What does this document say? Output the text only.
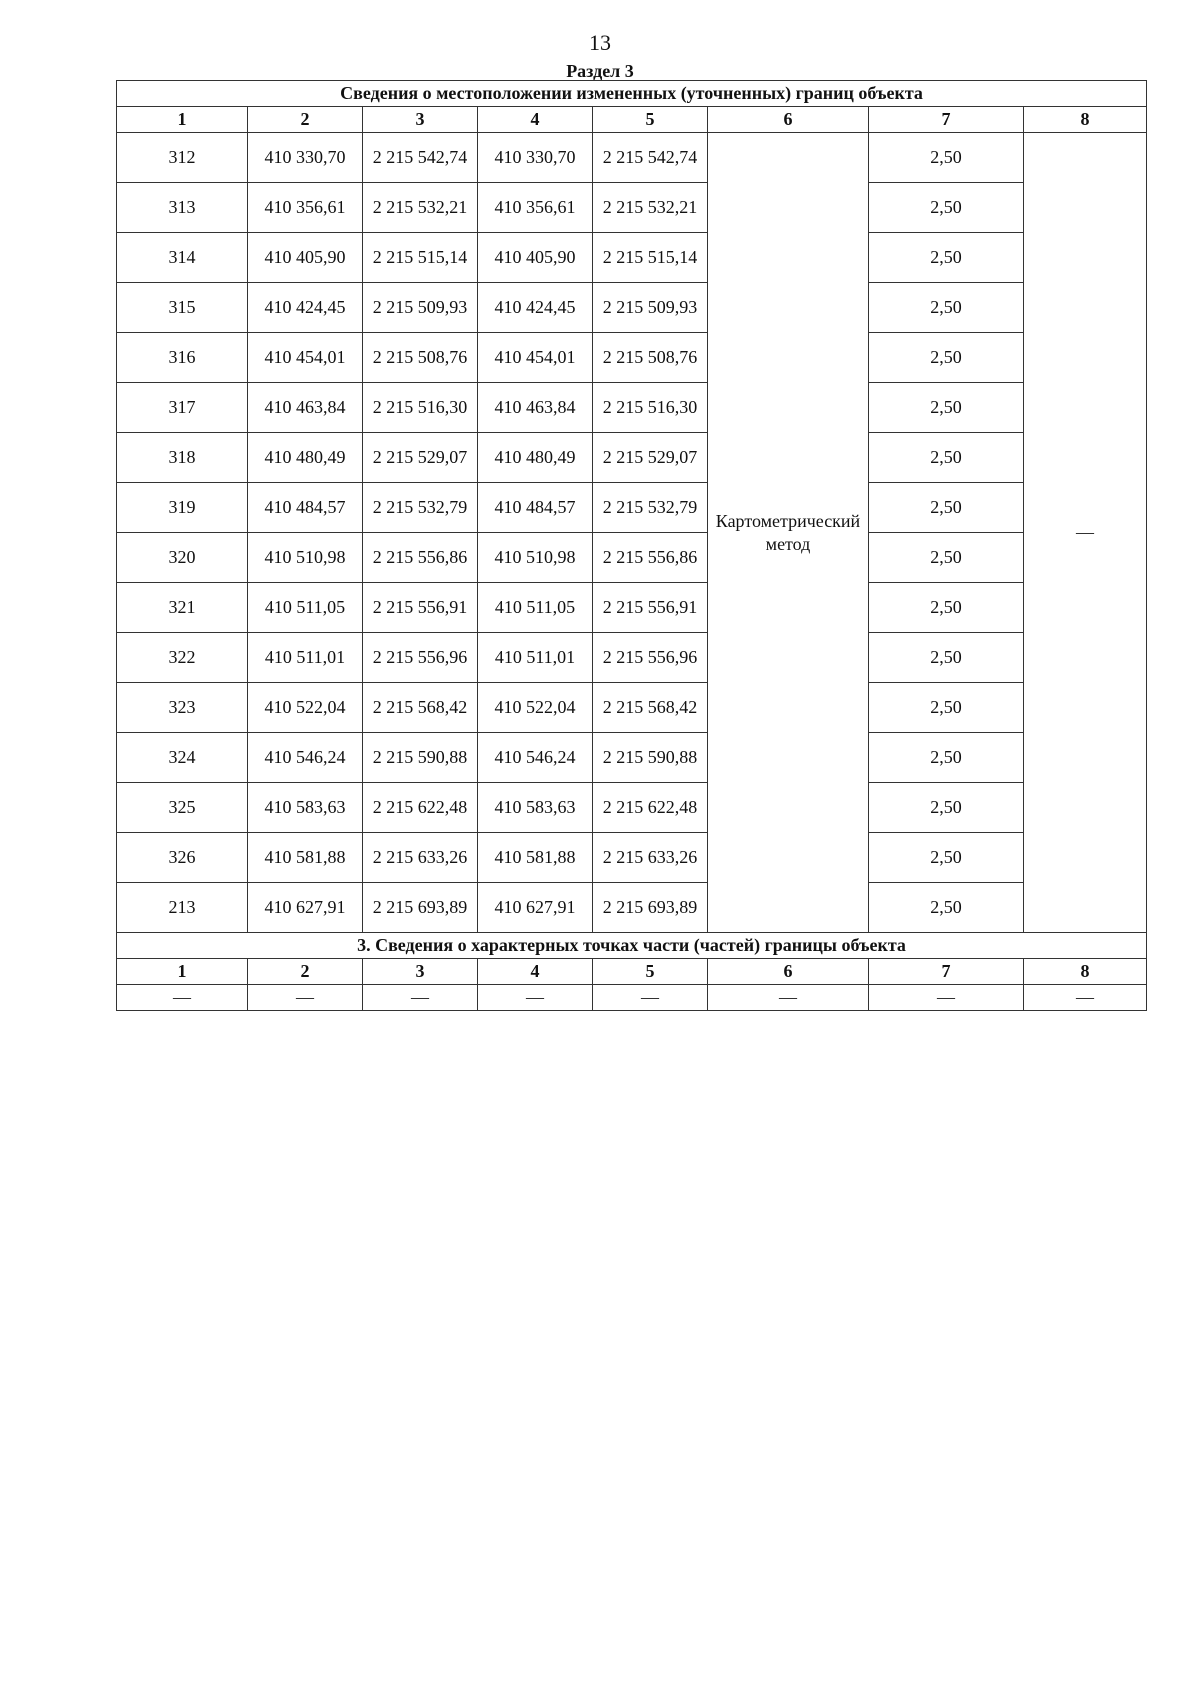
13
Раздел 3
Сведения о местоположении измененных (уточненных) границ объекта							
1	2	3	4	5	6	7	8
312	410 330,70	2 215 542,74	410 330,70	2 215 542,74	Картометрический метод	2,50	—
313	410 356,61	2 215 532,21	410 356,61	2 215 532,21		2,50	
314	410 405,90	2 215 515,14	410 405,90	2 215 515,14		2,50	
315	410 424,45	2 215 509,93	410 424,45	2 215 509,93		2,50	
316	410 454,01	2 215 508,76	410 454,01	2 215 508,76		2,50	
317	410 463,84	2 215 516,30	410 463,84	2 215 516,30		2,50	
318	410 480,49	2 215 529,07	410 480,49	2 215 529,07		2,50	
319	410 484,57	2 215 532,79	410 484,57	2 215 532,79		2,50	
320	410 510,98	2 215 556,86	410 510,98	2 215 556,86		2,50	
321	410 511,05	2 215 556,91	410 511,05	2 215 556,91		2,50	
322	410 511,01	2 215 556,96	410 511,01	2 215 556,96		2,50	
323	410 522,04	2 215 568,42	410 522,04	2 215 568,42		2,50	
324	410 546,24	2 215 590,88	410 546,24	2 215 590,88		2,50	
325	410 583,63	2 215 622,48	410 583,63	2 215 622,48		2,50	
326	410 581,88	2 215 633,26	410 581,88	2 215 633,26		2,50	
213	410 627,91	2 215 693,89	410 627,91	2 215 693,89		2,50	
3. Сведения о характерных точках части (частей) границы объекта							
1	2	3	4	5	6	7	8
—	—	—	—	—	—	—	—
